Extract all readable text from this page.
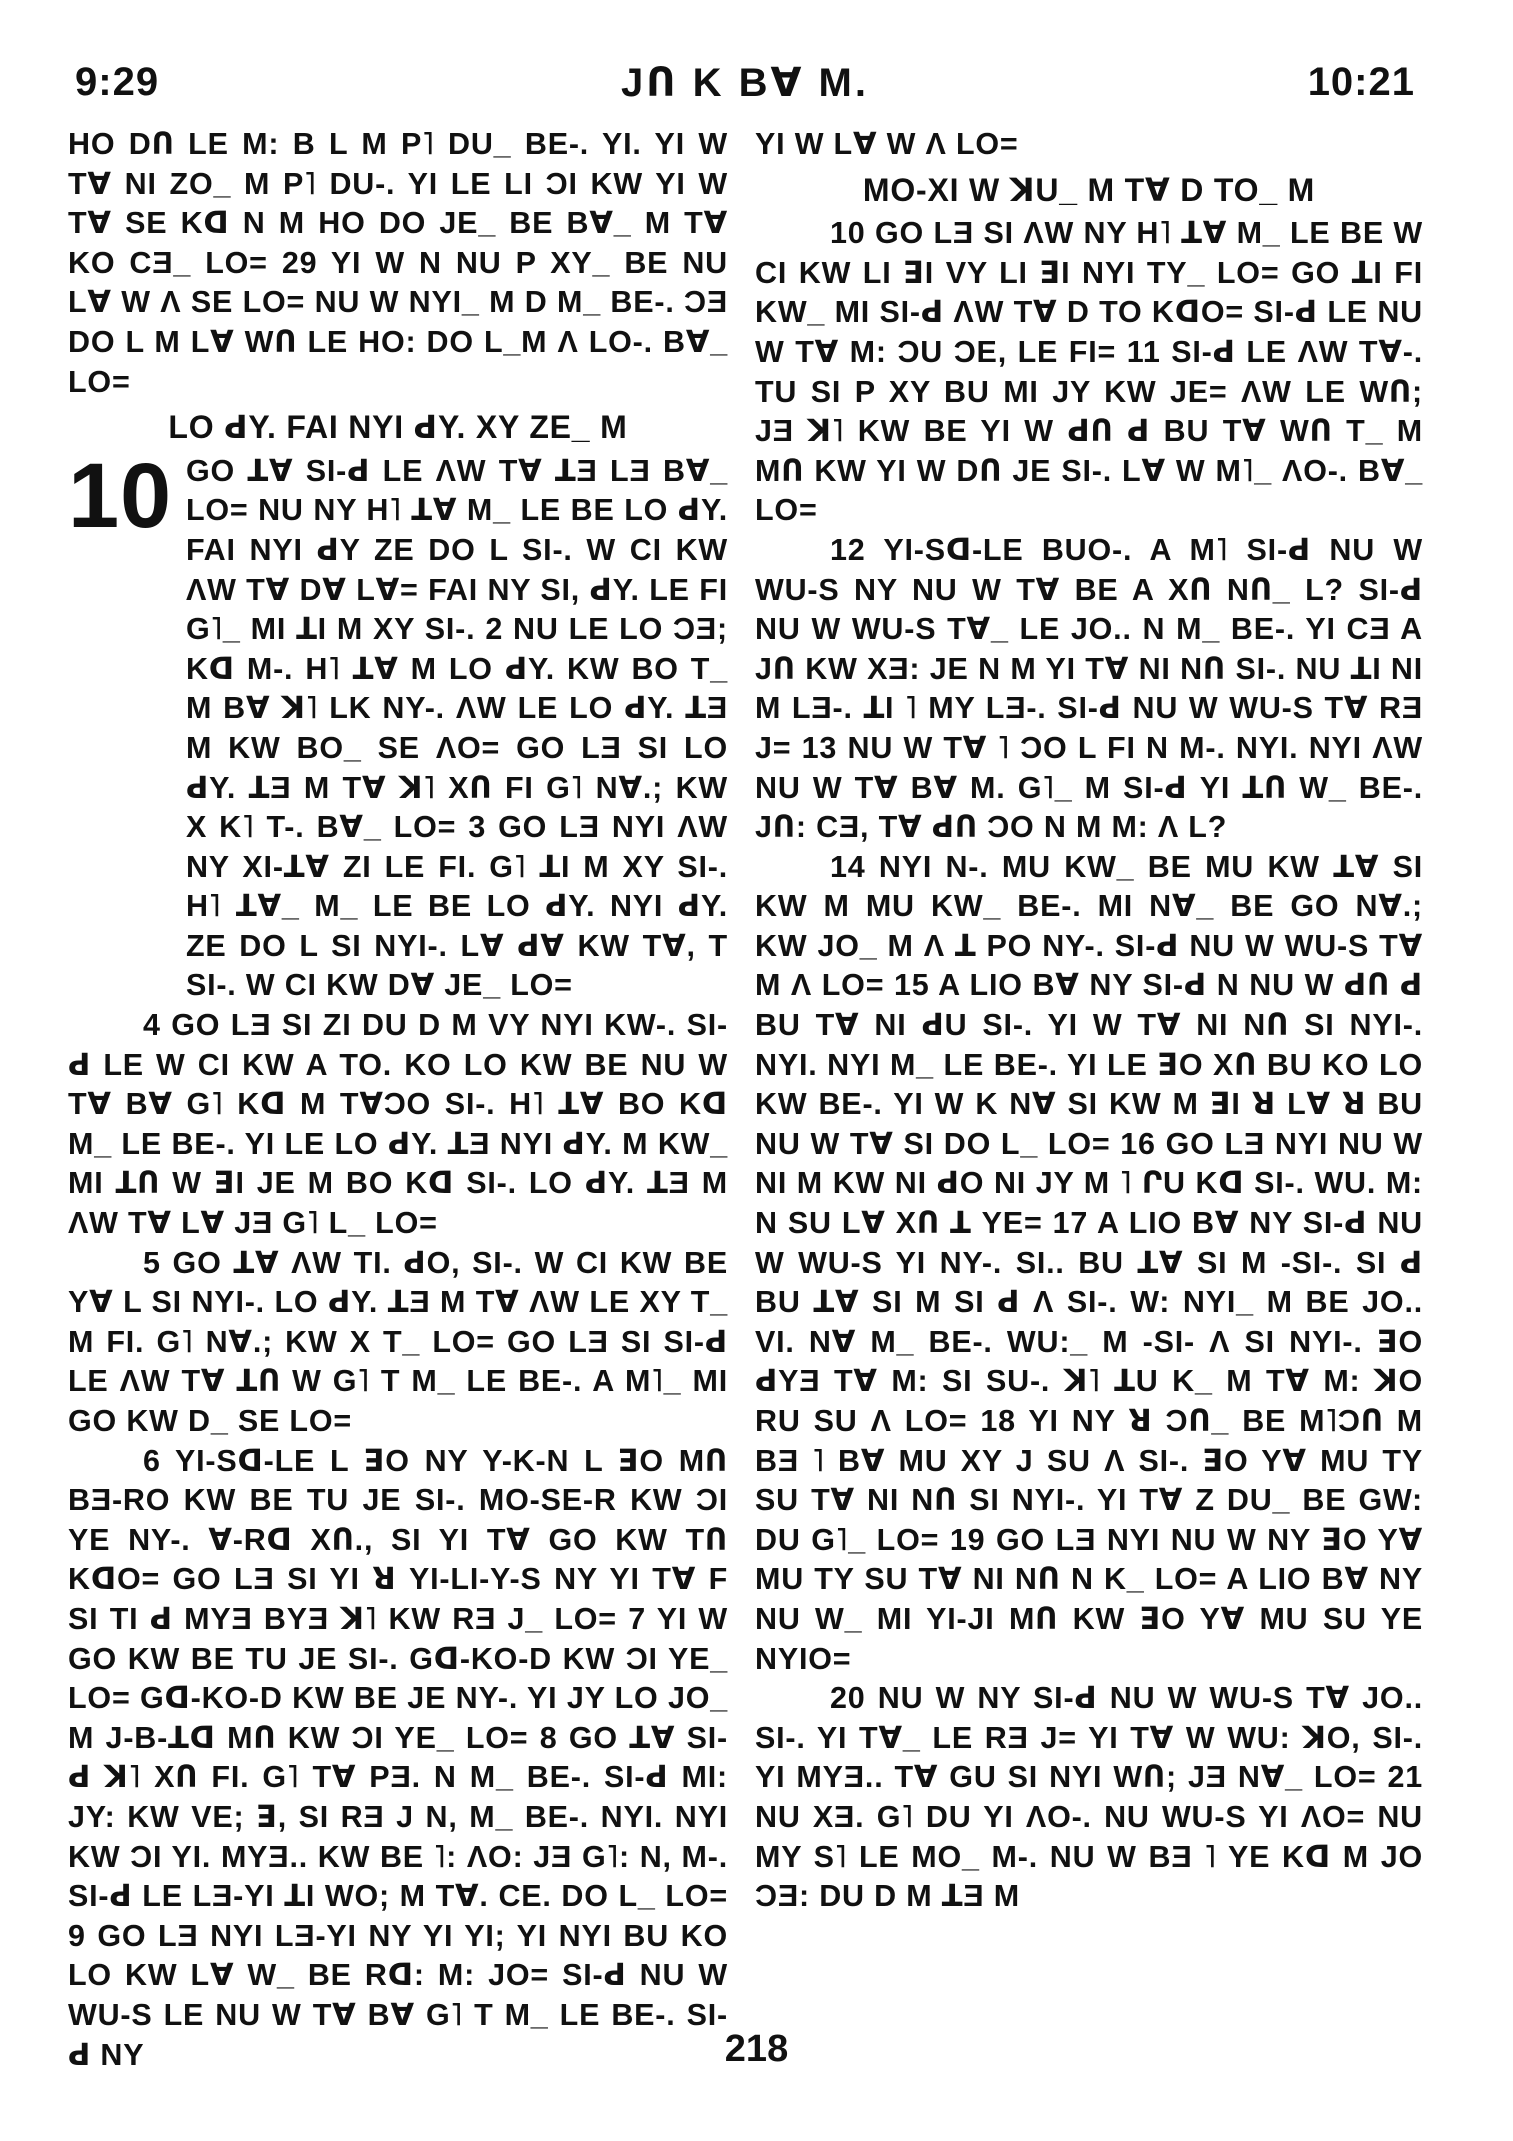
9:29	JՈ K Bꓯ M.	10:21

HO DՈ LE M: B L M P˥ DU_ BE-. YI. YI W Tꓯ NI ZO_ M P˥ DU-. YI LE LI ƆI KW YI W Tꓯ SE Kꓷ N M HO DO JE_ BE Bꓯ_ M Tꓯ KO CƎ_ LO= 29 YI W N NU P XY_ BE NU Lꓯ W Ʌ SE LO= NU W NYI_ M D M_ BE-. ƆƎ DO L M Lꓯ WՈ LE HO: DO L_M Ʌ LO-. Bꓯ_ LO=

LO ꓒY. FAI NYI ꓒY. XY ZE_ M

10 GO ꓕꓯ SI-ꓒ LE ɅW Tꓯ ꓕƎ LƎ Bꓯ_ LO= NU NY H˥ ꓕꓯ M_ LE BE LO ꓒY. FAI NYI ꓒY ZE DO L SI-. W CI KW ɅW Tꓯ Dꓯ Lꓯ= FAI NY SI, ꓒY. LE FI G˥_ MI ꓕI M XY SI-. 2 NU LE LO ƆƎ; Kꓷ M-. H˥ ꓕꓯ M LO ꓒY. KW BO T_ M Bꓯ ꓘ˥ LK NY-. ɅW LE LO ꓒY. ꓕƎ M KW BO_ SE ɅO= GO LƎ SI LO ꓒY. ꓕƎ M Tꓯ ꓘ˥ XՈ FI G˥ Nꓯ.; KW X K˥ T-. Bꓯ_ LO= 3 GO LƎ NYI ɅW NY XI-ꓕꓯ ZI LE FI. G˥ ꓕI M XY SI-. H˥ ꓕꓯ_ M_ LE BE LO ꓒY. NYI ꓒY. ZE DO L SI NYI-. Lꓯ ꓒꓯ KW Tꓯ, T SI-. W CI KW Dꓯ JE_ LO=

4 GO LƎ SI ZI DU D M VY NYI KW-. SI-ꓒ LE W CI KW A TO. KO LO KW BE NU W Tꓯ Bꓯ G˥ Kꓷ M TꓯƆO SI-. H˥ ꓕꓯ BO Kꓷ M_ LE BE-. YI LE LO ꓒY. ꓕƎ NYI ꓒY. M KW_ MI ꓕՈ W ꓱI JE M BO Kꓷ SI-. LO ꓒY. ꓕƎ M ɅW Tꓯ Lꓯ JƎ G˥ L_ LO=

5 GO ꓕꓯ ɅW TI. ꓒO, SI-. W CI KW BE Yꓯ L SI NYI-. LO ꓒY. ꓕƎ M Tꓯ ɅW LE XY T_ M FI. G˥ Nꓯ.; KW X T_ LO= GO LƎ SI SI-ꓒ LE ɅW Tꓯ ꓕՈ W G˥ T M_ LE BE-. A M˥_ MI GO KW D_ SE LO=

6 YI-Sꓷ-LE L ꓱO NY Y-K-N L ꓱO MՈ BƎ-RO KW BE TU JE SI-. MO-SE-R KW ƆI YE NY-. ꓯ-Rꓷ XՈ., SI YI Tꓯ GO KW TՈ KꓷO= GO LƎ SI YI ꓤ YI-LI-Y-S NY YI Tꓯ F SI TI ꓒ MYƎ BYƎ ꓘ˥ KW RƎ J_ LO= 7 YI W GO KW BE TU JE SI-. Gꓷ-KO-D KW ƆI YE_ LO= Gꓷ-KO-D KW BE JE NY-. YI JY LO JO_ M J-B-ꓕꓷ MՈ KW ƆI YE_ LO= 8 GO ꓕꓯ SI-ꓒ ꓘ˥ XՈ FI. G˥ Tꓯ PƎ. N M_ BE-. SI-ꓒ MI: JY: KW VE; ꓱ, SI RƎ J N, M_ BE-. NYI. NYI KW ƆI YI. MYƎ.. KW BE ˥: ɅO: JƎ G˥: N, M-. SI-ꓒ LE LƎ-YI ꓕI WO; M Tꓯ. CE. DO L_ LO= 9 GO LƎ NYI LƎ-YI NY YI YI; YI NYI BU KO LO KW Lꓯ W_ BE Rꓷ: M: JO= SI-ꓒ NU W WU-S LE NU W Tꓯ Bꓯ G˥ T M_ LE BE-. SI-ꓒ NY

YI W Lꓯ W Ʌ LO=

MO-XI W ꓘU_ M Tꓯ D TO_ M

10 GO LƎ SI ɅW NY H˥ ꓕꓯ M_ LE BE W CI KW LI ꓱI VY LI ꓱI NYI TY_ LO= GO ꓕI FI KW_ MI SI-ꓒ ɅW Tꓯ D TO KꓷO= SI-ꓒ LE NU W Tꓯ M: ƆU ƆE, LE FI= 11 SI-ꓒ LE ɅW Tꓯ-. TU SI P XY BU MI JY KW JE= ɅW LE WՈ; JƎ ꓘ˥ KW BE YI W ꓒՈ ꓒ BU Tꓯ WՈ T_ M MՈ KW YI W DՈ JE SI-. Lꓯ W M˥_ ɅO-. Bꓯ_ LO=

12 YI-Sꓷ-LE BUO-. A M˥ SI-ꓒ NU W WU-S NY NU W Tꓯ BE A XՈ NՈ_ L? SI-ꓒ NU W WU-S Tꓯ_ LE JO.. N M_ BE-. YI CƎ A JՈ KW XƎ: JE N M YI Tꓯ NI NՈ SI-. NU ꓕI NI M LƎ-. ꓕI ˥ MY LƎ-. SI-ꓒ NU W WU-S Tꓯ RƎ J= 13 NU W Tꓯ ˥ ƆO L FI N M-. NYI. NYI ɅW NU W Tꓯ Bꓯ M. G˥_ M SI-ꓒ YI ꓕՈ W_ BE-. JՈ: CƎ, Tꓯ ꓒՈ ƆO N M M: Ʌ L?

14 NYI N-. MU KW_ BE MU KW ꓕꓯ SI KW M MU KW_ BE-. MI Nꓯ_ BE GO Nꓯ.; KW JO_ M Ʌ ꓕ PO NY-. SI-ꓒ NU W WU-S Tꓯ M Ʌ LO= 15 A LIO Bꓯ NY SI-ꓒ N NU W ꓒՈ ꓒ BU Tꓯ NI ꓒU SI-. YI W Tꓯ NI NՈ SI NYI-. NYI. NYI M_ LE BE-. YI LE ꓱO XՈ BU KO LO KW BE-. YI W K Nꓯ SI KW M ꓱI ꓤ Lꓯ ꓤ BU NU W Tꓯ SI DO L_ LO= 16 GO LƎ NYI NU W NI M KW NI ꓒO NI JY M ˥ ՐU Kꓷ SI-. WU. M: N SU Lꓯ XՈ ꓕ YE= 17 A LIO Bꓯ NY SI-ꓒ NU W WU-S YI NY-. SI.. BU ꓕꓯ SI M -SI-. SI ꓒ BU ꓕꓯ SI M SI ꓒ Ʌ SI-. W: NYI_ M BE JO.. VI. Nꓯ M_ BE-. WU:_ M -SI- Ʌ SI NYI-. ꓱO ꓒYƎ Tꓯ M: SI SU-. ꓘ˥ ꓕU K_ M Tꓯ M: ꓘO RU SU Ʌ LO= 18 YI NY ꓤ ƆՈ_ BE M˥ƆՈ M BƎ ˥ Bꓯ MU XY J SU Ʌ SI-. ꓱO Yꓯ MU TY SU Tꓯ NI NՈ SI NYI-. YI Tꓯ Z DU_ BE GW: DU G˥_ LO= 19 GO LƎ NYI NU W NY ꓱO Yꓯ MU TY SU Tꓯ NI NՈ N K_ LO= A LIO Bꓯ NY NU W_ MI YI-JI MՈ KW ꓱO Yꓯ MU SU YE NYIO=

20 NU W NY SI-ꓒ NU W WU-S Tꓯ JO.. SI-. YI Tꓯ_ LE RƎ J= YI Tꓯ W WU: ꓘO, SI-. YI MYƎ.. Tꓯ GU SI NYI WՈ; JƎ Nꓯ_ LO= 21 NU XƎ. G˥ DU YI ɅO-. NU WU-S YI ɅO= NU MY S˥ LE MO_ M-. NU W BƎ ˥ YE Kꓷ M JO ƆƎ: DU D M ꓕƎ M

218
